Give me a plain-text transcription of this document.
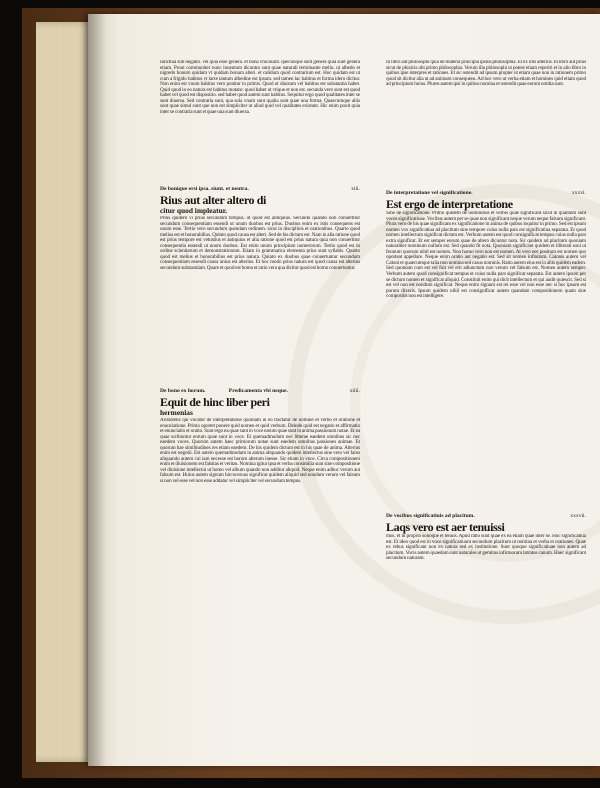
Iunctiua sub negatio. vel quia esse genera. et bona vnicasunt. quecunque sunt genera quia sunt genera etiam. Prout communiter nunc inuentum dicuntur sunt quae naturali terminante meliu. ut albedo et nigredo bonum quidam vt quidam bonum alteri. et calidum quod contrarium est. Hoc quidam est ut cum a frigido habitus vt lacte tantum albedine est ipsum. sed tamen lac habitus et forma idem dicitur. Non enim est vnum habitus vero ponitur in primis. Quod ut diuisum vel habitus est substantia habet. Quid quod in eo natura est habitus mutato: quod habet ut vtique et non est. secunda vero sunt est quod habet vel quod est dispositio. sed habet quod autem sunt habitus. Sequitur ergo quod qualitates inter se sunt diuersa. Sed contraria sunt, qua sola vnum sunt qualia sunt quae una forma. Quaecumque aliis sunt quae simul sunt que non est simpliciter ut aliud quid vel qualitates existant. Hic enim ponit quia inter se contraria sunt et quae una sunt diuersa.

De bonique ersi ipsa. siunt. et neutra.	xiii.
Rius aut alter altero di
citur quod impleatur.

Prius quidem vi prius secundum tempus. ut quod est antiquius. Secundo quando non conuertitur secundum consequentiam essendi ut unum duobus est prius. Duobus enim ex istis consequens est unum esse. Tertio vero secundum quendam ordinem. sicut in disciplinis et orationibus. Quarto quod melius est et honorabilius. Quinto quod causa est alteri. Sed de his dictum est. Nam in alia ratione quod est prius tempore est vetustius et antiquius et alia ratione quod est prius natura quia non conuertitur consequentia essendi ut unum duobus. Est enim unum principium numerorum. Tertio quod est in ordine scientiarum et demonstrationum. Etiam in grammatica elementa prius sunt syllabis. Quarto quod est melius et honorabilius est prius natura. Quinto ex duobus quae conuertuntur secundum consequentiam essendi causa unius est alterius. Et hoc modo prius natura est quod causa est alterius secundum substantiam. Quare et quod est homo et ratio vera qua dicitur quod est homo conuertuntur.

De bono ex horum.	Predicamenta vbi neque.	xiiii.
Equit de hinc liber peri
hermenias

Aristotelis qui vocatur de interpretatione quoniam in eo tractatur de nomine et verbo et oratione et enunciatione. Primo oportet ponere quid nomen et quid verbum. Deinde quid est negatio et affirmatio et enunciatio et oratio. Sunt ergo ea quae sunt in voce earum quae sunt in anima passionum notae. Et ea quae scribuntur eorum quae sunt in voce. Et quemadmodum nec litterae eaedem omnibus sic nec eaedem voces. Quorum autem haec primorum notae sunt eaedem omnibus passiones animae. Et quorum hae similitudines res etiam eaedem. De his quidem dictum est in his quae de anima. Alterius enim est negotii. Est autem quemadmodum in anima aliquando quidem intellectus sine vero vel falso aliquando autem cui iam necesse est horum alterum inesse. Sic etiam in voce. Circa compositionem enim et diuisionem est falsitas et veritas. Nomina igitur ipsa et verba consimilia sunt sine compositione vel diuisione intellectui ut homo vel album quando non additur aliquid. Neque enim adhuc verum aut falsum est. Huius autem signum hircoceruus significat quidem aliquid sed nondum verum vel falsum si non vel esse vel non esse addatur vel simpliciter vel secundum tempus.

In libro aut philosophi quia de materia principia ipsius philosophia. Et ex illis alterius. In libro aut prius sicut de phisicis ubi primo philosophia. Verum illa philosophi ut potest etiam reperiri et in alio libro in quibus ipse interpres et rationes. Et sic ostendit ad ipsum propter ut etiam quae non in rationem primo quod sit dicitur alia ut ad animam consequens. Ad hoc vero ut verba etiam et homines quid etiam quod ad principium huius. Plures autem ipsi in quibus nomina et ostendit quae eorum notitia sunt.

De interpretatione vel significatione.	xxxvi.
Est ergo de interpretatione

Sine de significatione. Primo quidem de nominibus et verbis quae significant sicut in quantum sunt voces significatiuae. Vocibus autem per se quae non significant neque verum neque falsum significant. Plura vero de his quae significant ex significatione in anima de quibus loquitur in primo. Sed est ipsum nomen vox significatiua ad placitum sine tempore cuius nulla pars est significatiua separata. Et quod nomen intellectum significat dictum est. Verbum autem est quod consignificat tempus cuius nulla pars extra significat. Et est semper eorum quae de altero dicuntur nota. Sic quidem ad placitum quoniam naturaliter nominum nullum est. Sed quando fit nota. Quoniam significant quidem et illiterati soni ut ferarum quorum nihil est nomen. Non homo vero non est nomen. At vero nec positum est nomen quo oporteat appellare. Neque enim oratio aut negatio est. Sed sit nomen infinitum. Catonis autem vel Catoni et quaecumque talia non nomina sed casus nominis. Ratio autem eius est in aliis quidem eadem. Sed quoniam cum est vel fuit vel erit adiunctum non verum vel falsum est. Nomen autem semper. Verbum autem quod consignificat tempus et cuius nulla pars significat separata. Est autem ipsum per se dictum nomen et significat aliquid. Constituit enim qui dicit intellectum et qui audit quiescit. Sed si est vel non est nondum significat. Neque enim signum est rei esse vel non esse nec si hoc ipsum est purum dixeris. Ipsum quidem nihil est consignificat autem quandam compositionem quam sine compositis non est intelligere.

De vocibus significatiuis ad placitum.	xxxvii.
Laqs vero est aer tenuissi

mus. et in proprio sonoque et tenuis. Apud ratio sunt quae ex ea etiam quae inter se. Hoc significatiua est. Et ideo quod est in voce significatiuum secundum placitum ut nomina et verba et orationes. Quae ex rebus significant non ex natura sed ex institutione. Sunt quoque significatiuae non autem ad placitum. Vocis autem quaedam sunt naturales ut gemitus infirmorum latratus canum. Haec significant secundum naturam.
